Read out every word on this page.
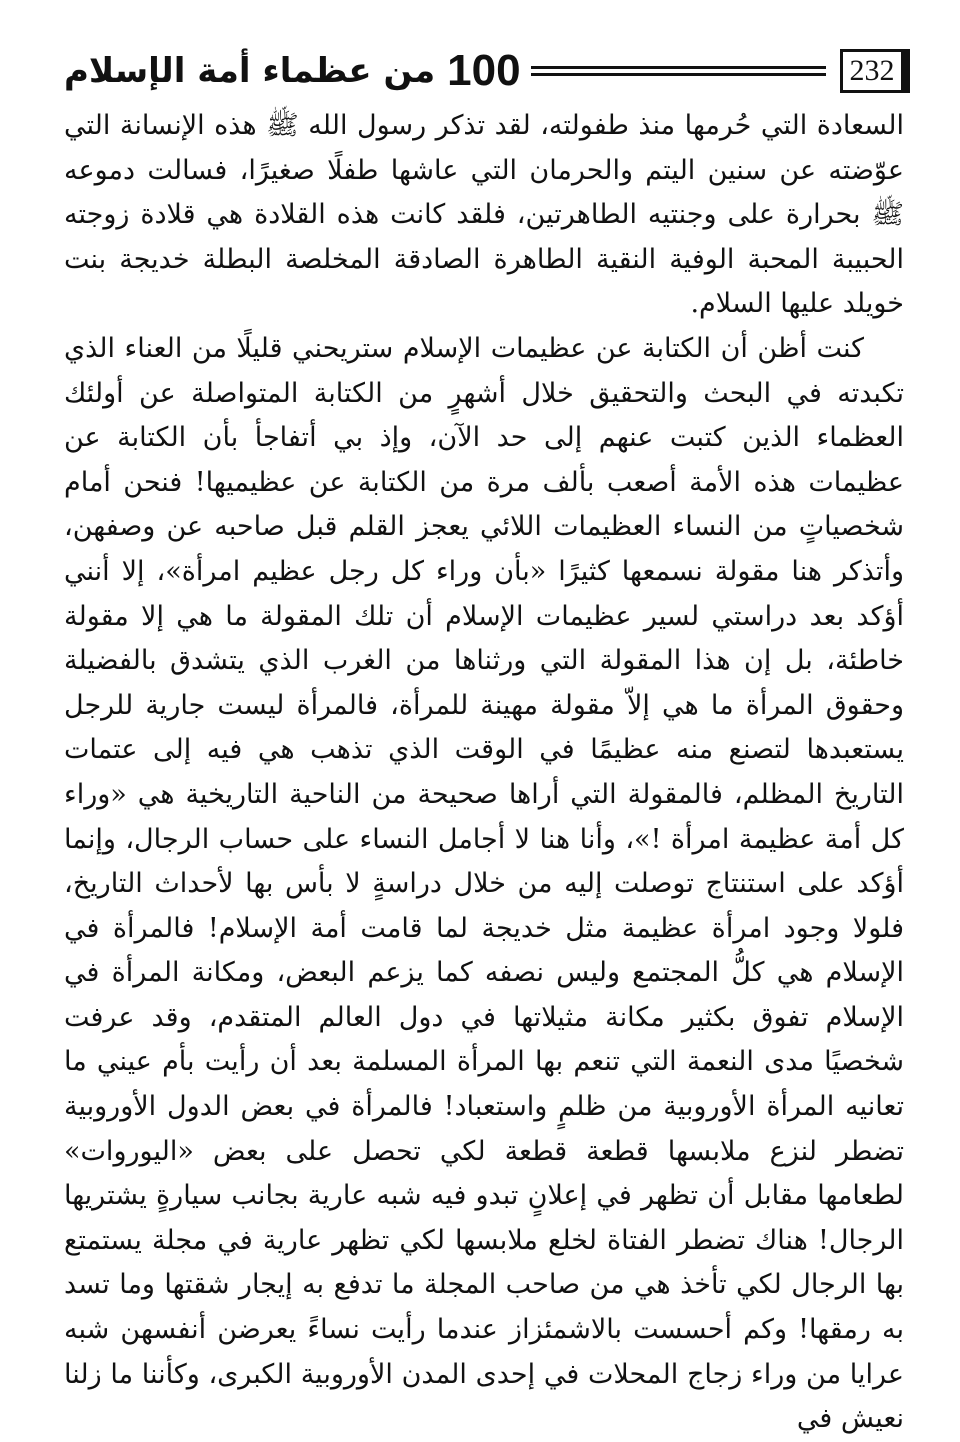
232
100
من عظماء أمة الإسلام

السعادة التي حُرمها منذ طفولته، لقد تذكر رسول الله ﷺ هذه الإنسانة التي عوّضته عن سنين اليتم والحرمان التي عاشها طفلًا صغيرًا، فسالت دموعه ﷺ بحرارة على وجنتيه الطاهرتين، فلقد كانت هذه القلادة هي قلادة زوجته الحبيبة المحبة الوفية النقية الطاهرة الصادقة المخلصة البطلة خديجة بنت خويلد عليها السلام.

كنت أظن أن الكتابة عن عظيمات الإسلام ستريحني قليلًا من العناء الذي تكبدته في البحث والتحقيق خلال أشهرٍ من الكتابة المتواصلة عن أولئك العظماء الذين كتبت عنهم إلى حد الآن، وإذ بي أتفاجأ بأن الكتابة عن عظيمات هذه الأمة أصعب بألف مرة من الكتابة عن عظيميها! فنحن أمام شخصياتٍ من النساء العظيمات اللائي يعجز القلم قبل صاحبه عن وصفهن، وأتذكر هنا مقولة نسمعها كثيرًا «بأن وراء كل رجل عظيم امرأة»، إلا أنني أؤكد بعد دراستي لسير عظيمات الإسلام أن تلك المقولة ما هي إلا مقولة خاطئة، بل إن هذا المقولة التي ورثناها من الغرب الذي يتشدق بالفضيلة وحقوق المرأة ما هي إلاّ مقولة مهينة للمرأة، فالمرأة ليست جارية للرجل يستعبدها لتصنع منه عظيمًا في الوقت الذي تذهب هي فيه إلى عتمات التاريخ المظلم، فالمقولة التي أراها صحيحة من الناحية التاريخية هي «وراء كل أمة عظيمة امرأة !»، وأنا هنا لا أجامل النساء على حساب الرجال، وإنما أؤكد على استنتاج توصلت إليه من خلال دراسةٍ لا بأس بها لأحداث التاريخ، فلولا وجود امرأة عظيمة مثل خديجة لما قامت أمة الإسلام! فالمرأة في الإسلام هي كلُّ المجتمع وليس نصفه كما يزعم البعض، ومكانة المرأة في الإسلام تفوق بكثير مكانة مثيلاتها في دول العالم المتقدم، وقد عرفت شخصيًا مدى النعمة التي تنعم بها المرأة المسلمة بعد أن رأيت بأم عيني ما تعانيه المرأة الأوروبية من ظلمٍ واستعباد! فالمرأة في بعض الدول الأوروبية تضطر لنزع ملابسها قطعة قطعة لكي تحصل على بعض «اليوروات» لطعامها مقابل أن تظهر في إعلانٍ تبدو فيه شبه عارية بجانب سيارةٍ يشتريها الرجال! هناك تضطر الفتاة لخلع ملابسها لكي تظهر عارية في مجلة يستمتع بها الرجال لكي تأخذ هي من صاحب المجلة ما تدفع به إيجار شقتها وما تسد به رمقها! وكم أحسست بالاشمئزاز عندما رأيت نساءً يعرضن أنفسهن شبه عرايا من وراء زجاج المحلات في إحدى المدن الأوروبية الكبرى، وكأننا ما زلنا نعيش في
